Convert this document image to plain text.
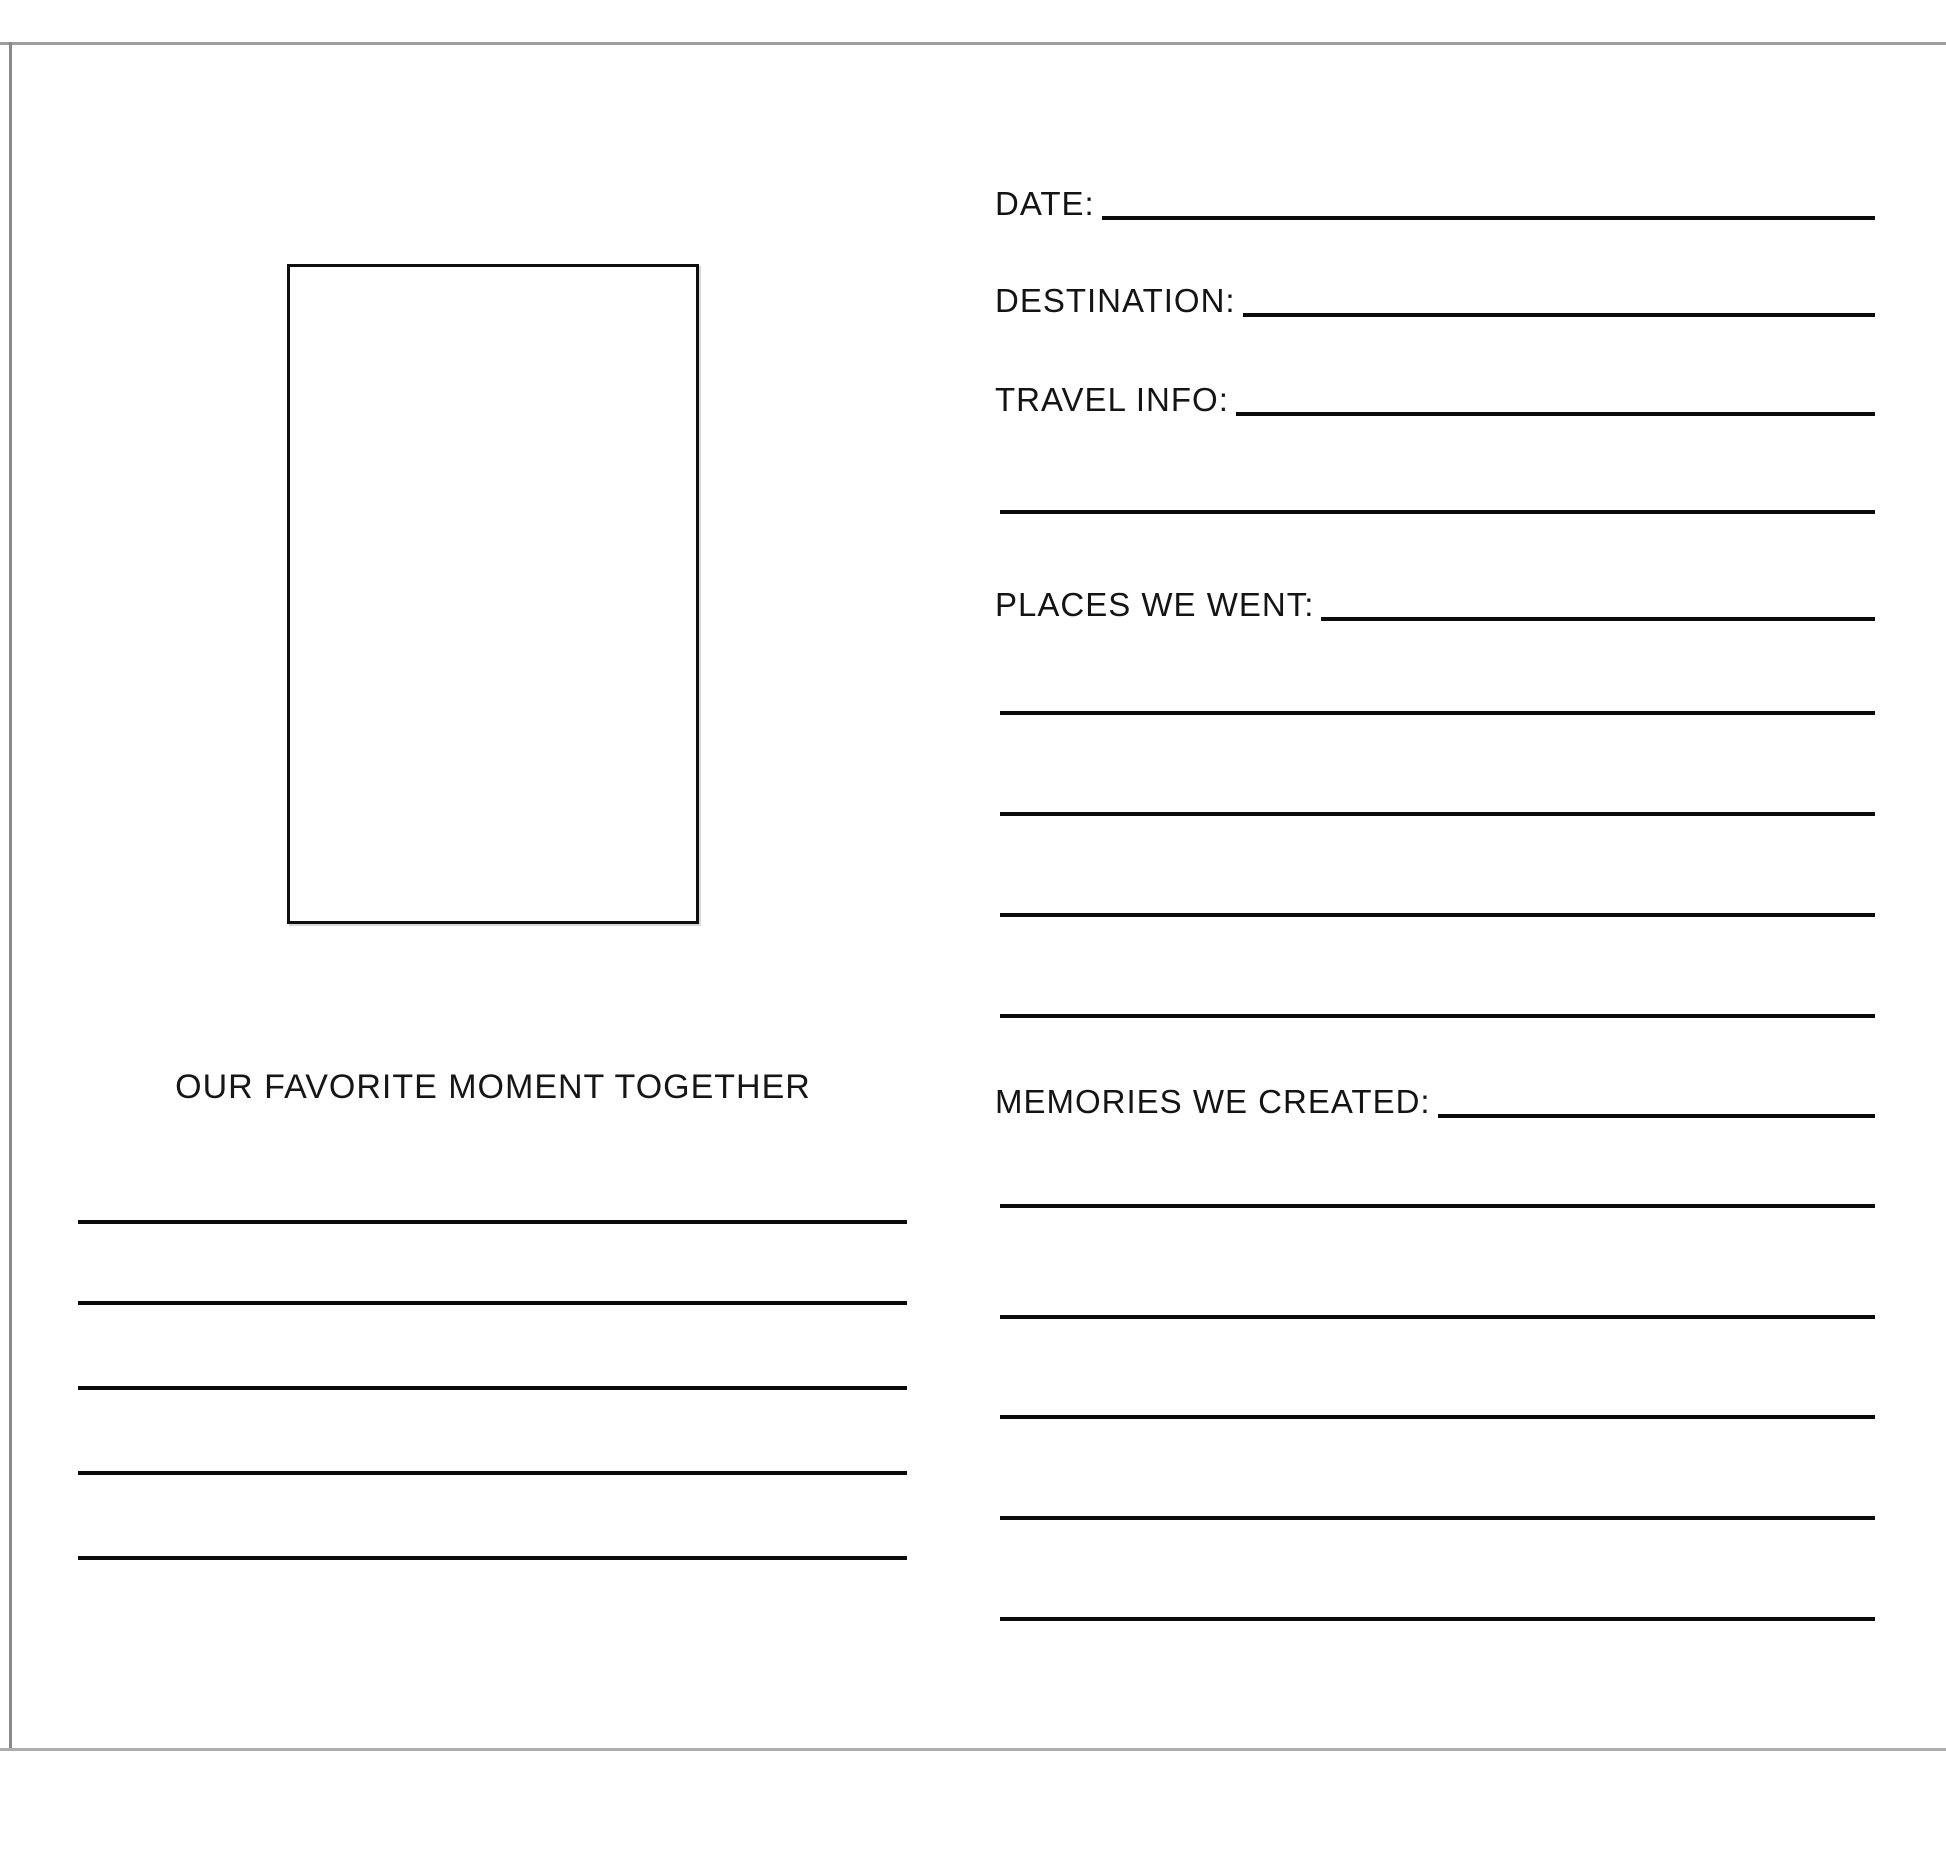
OUR FAVORITE MOMENT TOGETHER
DATE:
DESTINATION:
TRAVEL INFO:
PLACES WE WENT:
MEMORIES WE CREATED:
